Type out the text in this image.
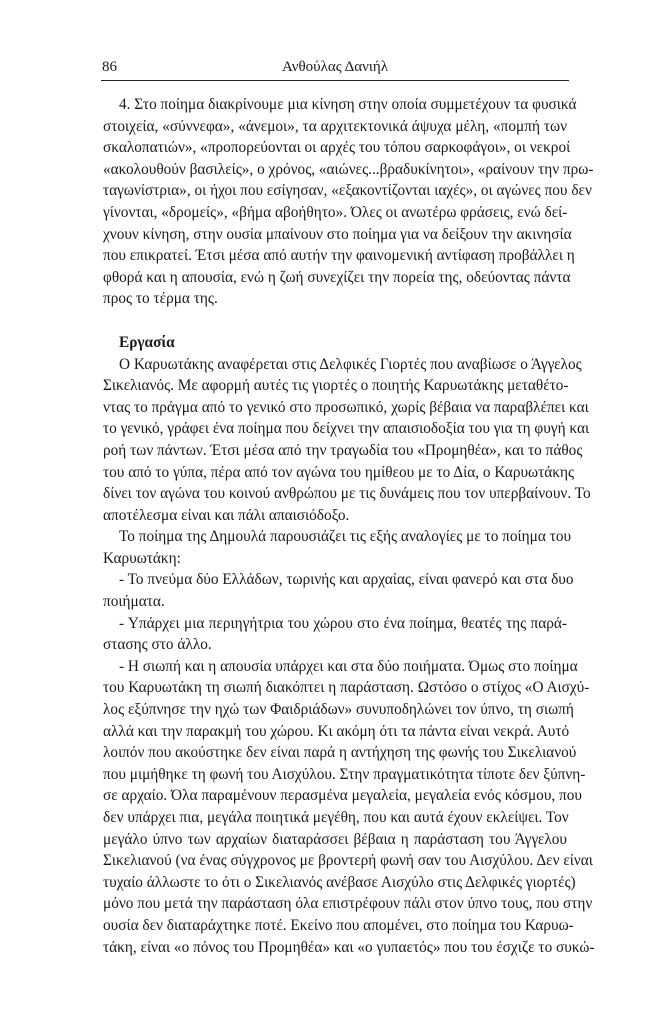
86	Ανθούλας Δανιήλ
4. Στο ποίημα διακρίνουμε μια κίνηση στην οποία συμμετέχουν τα φυσικά
στοιχεία, «σύννεφα», «άνεμοι», τα αρχιτεκτονικά άψυχα μέλη, «πομπή των
σκαλοπατιών», «προπορεύονται οι αρχές του τόπου σαρκοφάγοι», οι νεκροί
«ακολουθούν βασιλείς», ο χρόνος, «αιώνες...βραδυκίνητοι», «ραίνουν την πρω-
ταγωνίστρια», οι ήχοι που εσίγησαν, «εξακοντίζονται ιαχές», οι αγώνες που δεν
γίνονται, «δρομείς», «βήμα αβοήθητο». Όλες οι ανωτέρω φράσεις, ενώ δεί-
χνουν κίνηση, στην ουσία μπαίνουν στο ποίημα για να δείξουν την ακινησία
που επικρατεί. Έτσι μέσα από αυτήν την φαινομενική αντίφαση προβάλλει η
φθορά και η απουσία, ενώ η ζωή συνεχίζει την πορεία της, οδεύοντας πάντα
προς το τέρμα της.
Εργασία
Ο Καρυωτάκης αναφέρεται στις Δελφικές Γιορτές που αναβίωσε ο Άγγελος
Σικελιανός. Με αφορμή αυτές τις γιορτές ο ποιητής Καρυωτάκης μεταθέτο-
ντας το πράγμα από το γενικό στο προσωπικό, χωρίς βέβαια να παραβλέπει και
το γενικό, γράφει ένα ποίημα που δείχνει την απαισιοδοξία του για τη φυγή και
ροή των πάντων. Έτσι μέσα από την τραγωδία του «Προμηθέα», και το πάθος
του από το γύπα, πέρα από τον αγώνα του ημίθεου με το Δία, ο Καρυωτάκης
δίνει τον αγώνα του κοινού ανθρώπου με τις δυνάμεις που τον υπερβαίνουν. Το
αποτέλεσμα είναι και πάλι απαισιόδοξο.
Το ποίημα της Δημουλά παρουσιάζει τις εξής αναλογίες με το ποίημα του
Καρυωτάκη:
- Το πνεύμα δύο Ελλάδων, τωρινής και αρχαίας, είναι φανερό και στα δυο
ποιήματα.
- Υπάρχει μια περιηγήτρια του χώρου στο ένα ποίημα, θεατές της παρά-
στασης στο άλλο.
- Η σιωπή και η απουσία υπάρχει και στα δύο ποιήματα. Όμως στο ποίημα
του Καρυωτάκη τη σιωπή διακόπτει η παράσταση. Ωστόσο ο στίχος «Ο Αισχύ-
λος εξύπνησε την ηχώ των Φαιδριάδων» συνυποδηλώνει τον ύπνο, τη σιωπή
αλλά και την παρακμή του χώρου. Κι ακόμη ότι τα πάντα είναι νεκρά. Αυτό
λοιπόν που ακούστηκε δεν είναι παρά η αντήχηση της φωνής του Σικελιανού
που μιμήθηκε τη φωνή του Αισχύλου. Στην πραγματικότητα τίποτε δεν ξύπνη-
σε αρχαίο. Όλα παραμένουν περασμένα μεγαλεία, μεγαλεία ενός κόσμου, που
δεν υπάρχει πια, μεγάλα ποιητικά μεγέθη, που και αυτά έχουν εκλείψει. Τον
μεγάλο ύπνο των αρχαίων διαταράσσει βέβαια η παράσταση του Άγγελου
Σικελιανού (να ένας σύγχρονος με βροντερή φωνή σαν του Αισχύλου. Δεν είναι
τυχαίο άλλωστε το ότι ο Σικελιανός ανέβασε Αισχύλο στις Δελφικές γιορτές)
μόνο που μετά την παράσταση όλα επιστρέφουν πάλι στον ύπνο τους, που στην
ουσία δεν διαταράχτηκε ποτέ. Εκείνο που απομένει, στο ποίημα του Καρυω-
τάκη, είναι «ο πόνος του Προμηθέα» και «ο γυπαετός» που του έσχιζε το συκώ-
